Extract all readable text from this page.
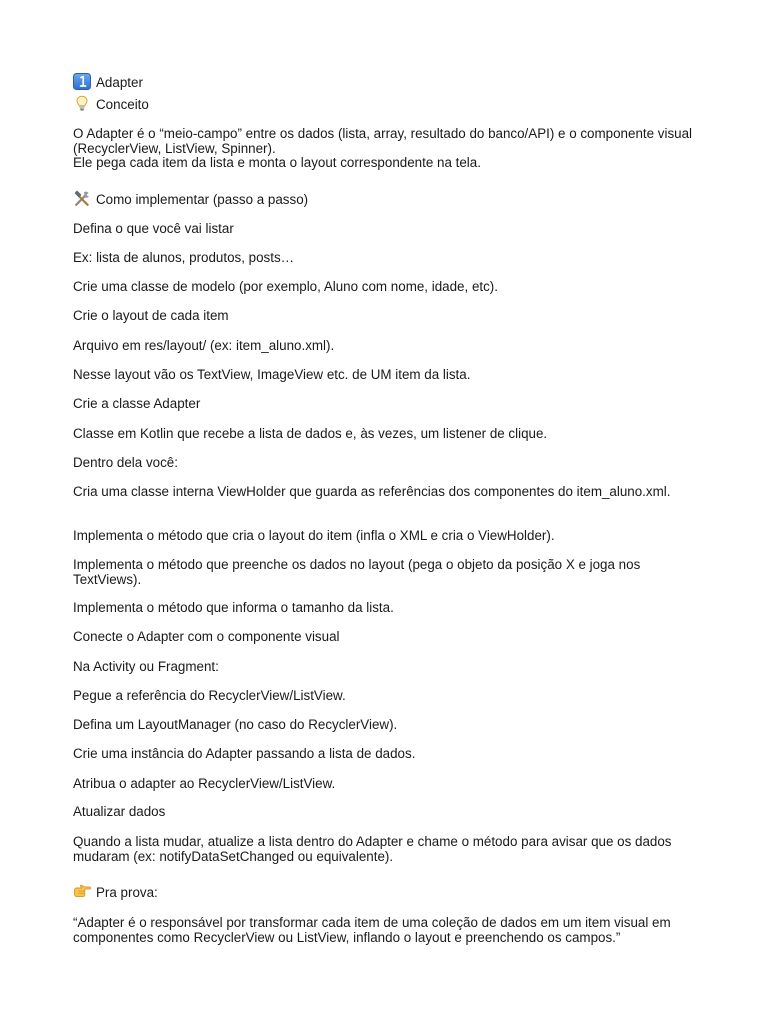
Adapter
Conceito
O Adapter é o “meio-campo” entre os dados (lista, array, resultado do banco/API) e o componente visual (RecyclerView, ListView, Spinner).
Ele pega cada item da lista e monta o layout correspondente na tela.
Como implementar (passo a passo)
Defina o que você vai listar
Ex: lista de alunos, produtos, posts…
Crie uma classe de modelo (por exemplo, Aluno com nome, idade, etc).
Crie o layout de cada item
Arquivo em res/layout/ (ex: item_aluno.xml).
Nesse layout vão os TextView, ImageView etc. de UM item da lista.
Crie a classe Adapter
Classe em Kotlin que recebe a lista de dados e, às vezes, um listener de clique.
Dentro dela você:
Cria uma classe interna ViewHolder que guarda as referências dos componentes do item_aluno.xml.
Implementa o método que cria o layout do item (infla o XML e cria o ViewHolder).
Implementa o método que preenche os dados no layout (pega o objeto da posição X e joga nos TextViews).
Implementa o método que informa o tamanho da lista.
Conecte o Adapter com o componente visual
Na Activity ou Fragment:
Pegue a referência do RecyclerView/ListView.
Defina um LayoutManager (no caso do RecyclerView).
Crie uma instância do Adapter passando a lista de dados.
Atribua o adapter ao RecyclerView/ListView.
Atualizar dados
Quando a lista mudar, atualize a lista dentro do Adapter e chame o método para avisar que os dados mudaram (ex: notifyDataSetChanged ou equivalente).
Pra prova:
“Adapter é o responsável por transformar cada item de uma coleção de dados em um item visual em componentes como RecyclerView ou ListView, inflando o layout e preenchendo os campos.”
